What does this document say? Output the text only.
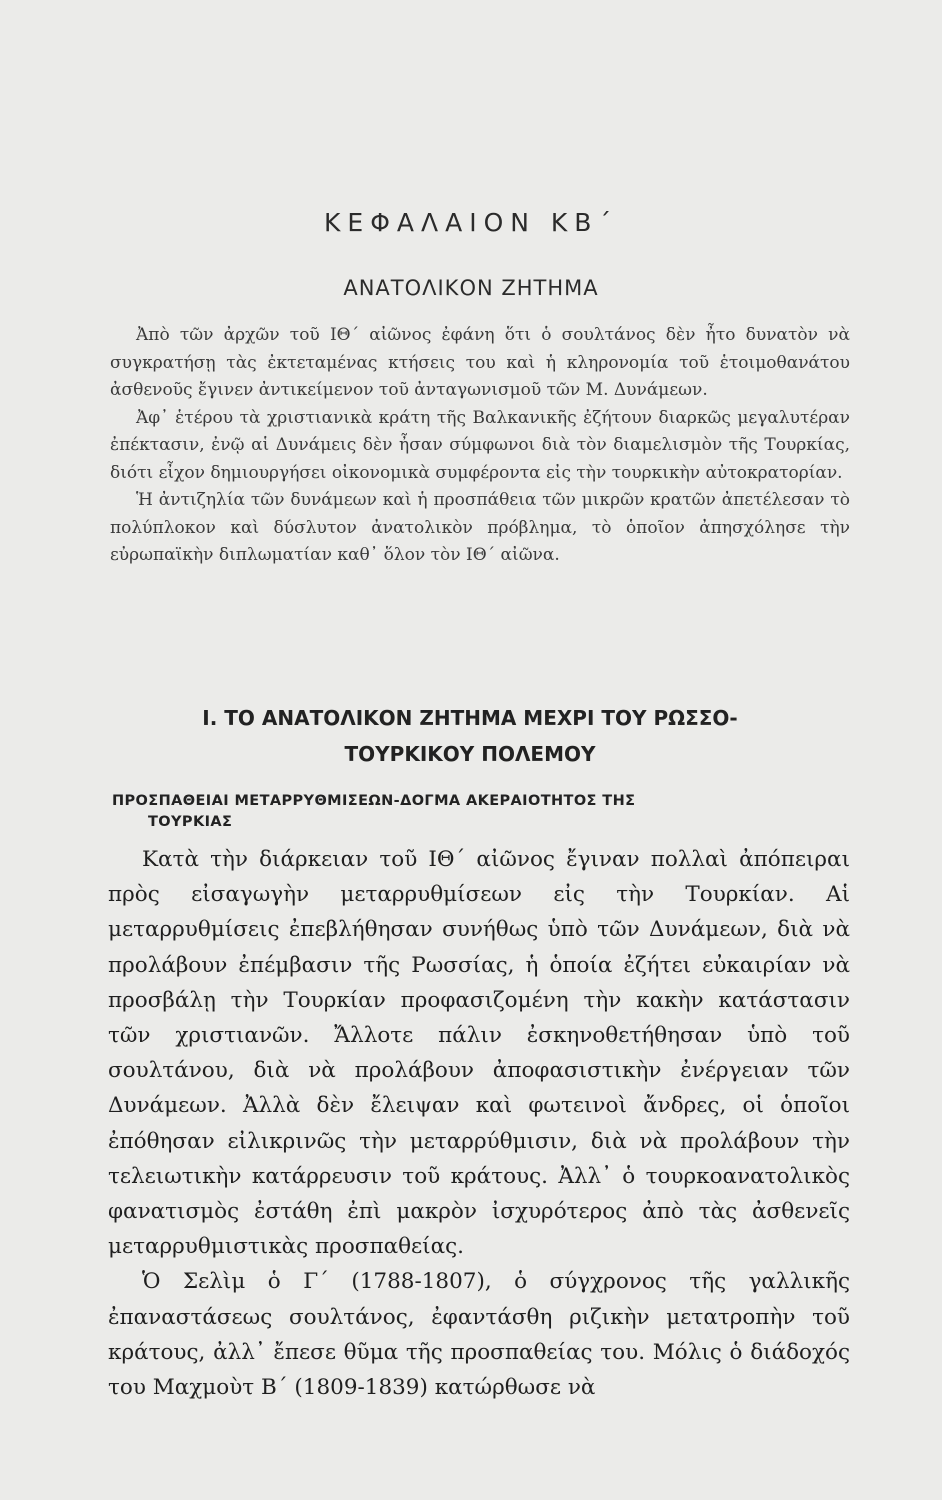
ΚΕΦΑΛΑΙΟΝ ΚΒ΄
ΑΝΑΤΟΛΙΚΟΝ ΖΗΤΗΜΑ

Ἀπὸ τῶν ἀρχῶν τοῦ ΙΘ΄ αἰῶνος ἐφάνη ὅτι ὁ σουλτάνος δὲν ἦτο δυνατὸν νὰ συγκρατήσῃ τὰς ἐκτεταμένας κτήσεις του καὶ ἡ κληρονομία τοῦ ἑτοιμοθανάτου ἀσθενοῦς ἔγινεν ἀντικείμενον τοῦ ἀνταγωνισμοῦ τῶν Μ. Δυνάμεων.

Ἀφ᾽ ἑτέρου τὰ χριστιανικὰ κράτη τῆς Βαλκανικῆς ἐζήτουν διαρκῶς μεγαλυτέραν ἐπέκτασιν, ἐνῷ αἱ Δυνάμεις δὲν ἦσαν σύμφωνοι διὰ τὸν διαμελισμὸν τῆς Τουρκίας, διότι εἶχον δημιουργήσει οἰκονομικὰ συμφέροντα εἰς τὴν τουρκικὴν αὐτοκρατορίαν.

Ἡ ἀντιζηλία τῶν δυνάμεων καὶ ἡ προσπάθεια τῶν μικρῶν κρατῶν ἀπετέλεσαν τὸ πολύπλοκον καὶ δύσλυτον ἀνατολικὸν πρόβλημα, τὸ ὁποῖον ἀπησχόλησε τὴν εὐρωπαϊκὴν διπλωματίαν καθ᾽ ὅλον τὸν ΙΘ΄ αἰῶνα.

Ι. ΤΟ ΑΝΑΤΟΛΙΚΟΝ ΖΗΤΗΜΑ ΜΕΧΡΙ ΤΟΥ ΡΩΣΣΟ-
ΤΟΥΡΚΙΚΟΥ ΠΟΛΕΜΟΥ
ΠΡΟΣΠΑΘΕΙΑΙ ΜΕΤΑΡΡΥΘΜΙΣΕΩΝ-ΔΟΓΜΑ ΑΚΕΡΑΙΟΤΗΤΟΣ ΤΗΣ
ΤΟΥΡΚΙΑΣ

Κατὰ τὴν διάρκειαν τοῦ ΙΘ΄ αἰῶνος ἔγιναν πολλαὶ ἀπόπειραι πρὸς εἰσαγωγὴν μεταρρυθμίσεων εἰς τὴν Τουρκίαν. Αἱ μεταρρυθμίσεις ἐπεβλήθησαν συνήθως ὑπὸ τῶν Δυνάμεων, διὰ νὰ προλάβουν ἐπέμβασιν τῆς Ρωσσίας, ἡ ὁποία ἐζήτει εὐκαιρίαν νὰ προσβάλῃ τὴν Τουρκίαν προφασιζομένη τὴν κακὴν κατάστασιν τῶν χριστιανῶν. Ἄλλοτε πάλιν ἐσκηνοθετήθησαν ὑπὸ τοῦ σουλτάνου, διὰ νὰ προλάβουν ἀποφασιστικὴν ἐνέργειαν τῶν Δυνάμεων. Ἀλλὰ δὲν ἔλειψαν καὶ φωτεινοὶ ἄνδρες, οἱ ὁποῖοι ἐπόθησαν εἰλικρινῶς τὴν μεταρρύθμισιν, διὰ νὰ προλάβουν τὴν τελειωτικὴν κατάρρευσιν τοῦ κράτους. Ἀλλ᾽ ὁ τουρκοανατολικὸς φανατισμὸς ἐστάθη ἐπὶ μακρὸν ἰσχυρότερος ἀπὸ τὰς ἀσθενεῖς μεταρρυθμιστικὰς προσπαθείας.

Ὁ Σελὶμ ὁ Γ΄ (1788-1807), ὁ σύγχρονος τῆς γαλλικῆς ἐπαναστάσεως σουλτάνος, ἐφαντάσθη ριζικὴν μετατροπὴν τοῦ κράτους, ἀλλ᾽ ἔπεσε θῦμα τῆς προσπαθείας του. Μόλις ὁ διάδοχός του Μαχμοὺτ Β΄ (1809-1839) κατώρθωσε νὰ
